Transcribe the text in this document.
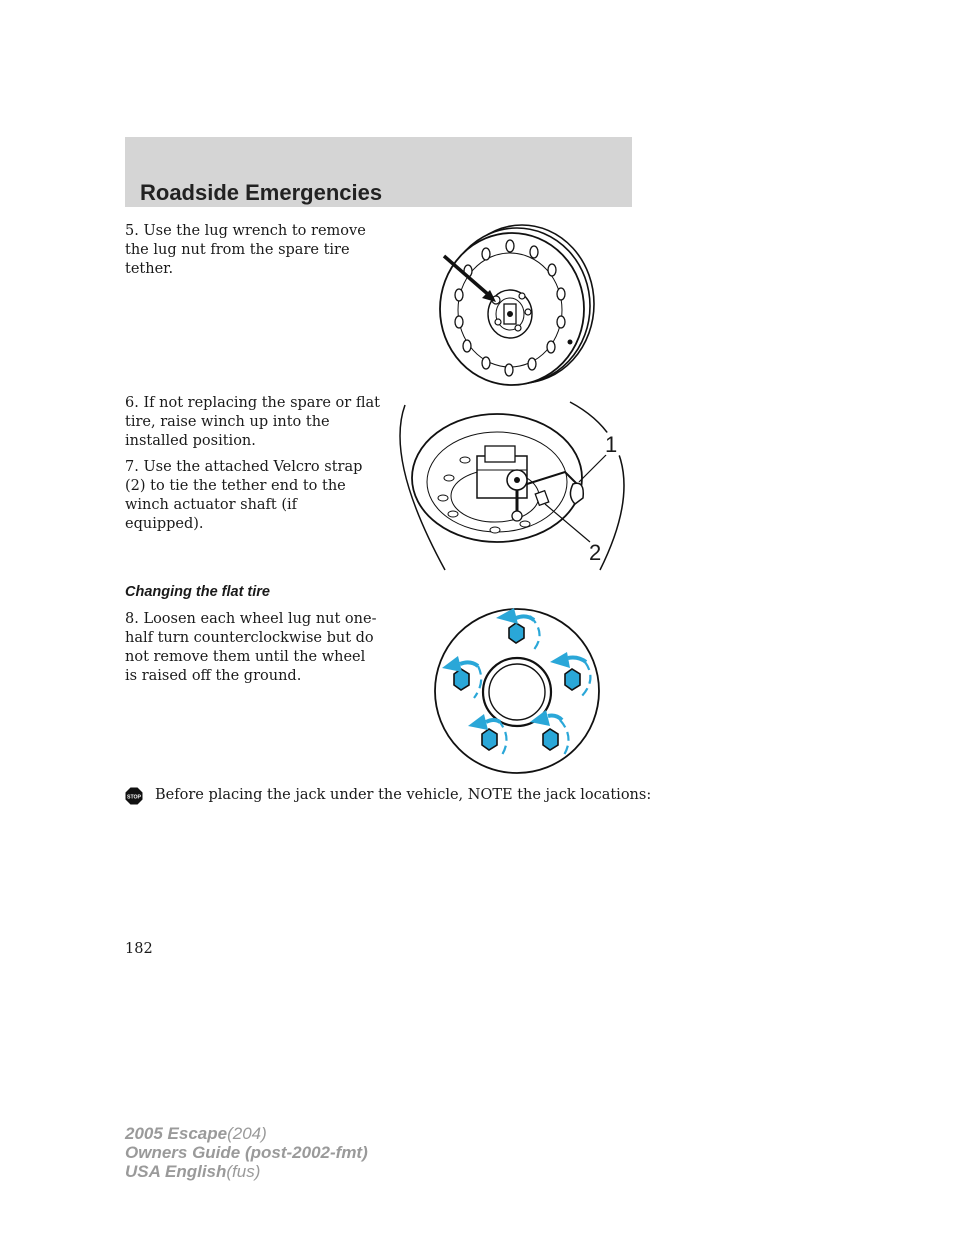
Roadside Emergencies

5. Use the lug wrench to remove the lug nut from the spare tire tether.

6. If not replacing the spare or flat tire, raise winch up into the installed position.

7. Use the attached Velcro strap (2) to tie the tether end to the winch actuator shaft (if equipped).

1
2
Changing the flat tire

8. Loosen each wheel lug nut one-half turn counterclockwise but do not remove them until the wheel is raised off the ground.

STOP Before placing the jack under the vehicle, NOTE the jack locations:
182
2005 Escape(204)
Owners Guide (post-2002-fmt)
USA English(fus)
